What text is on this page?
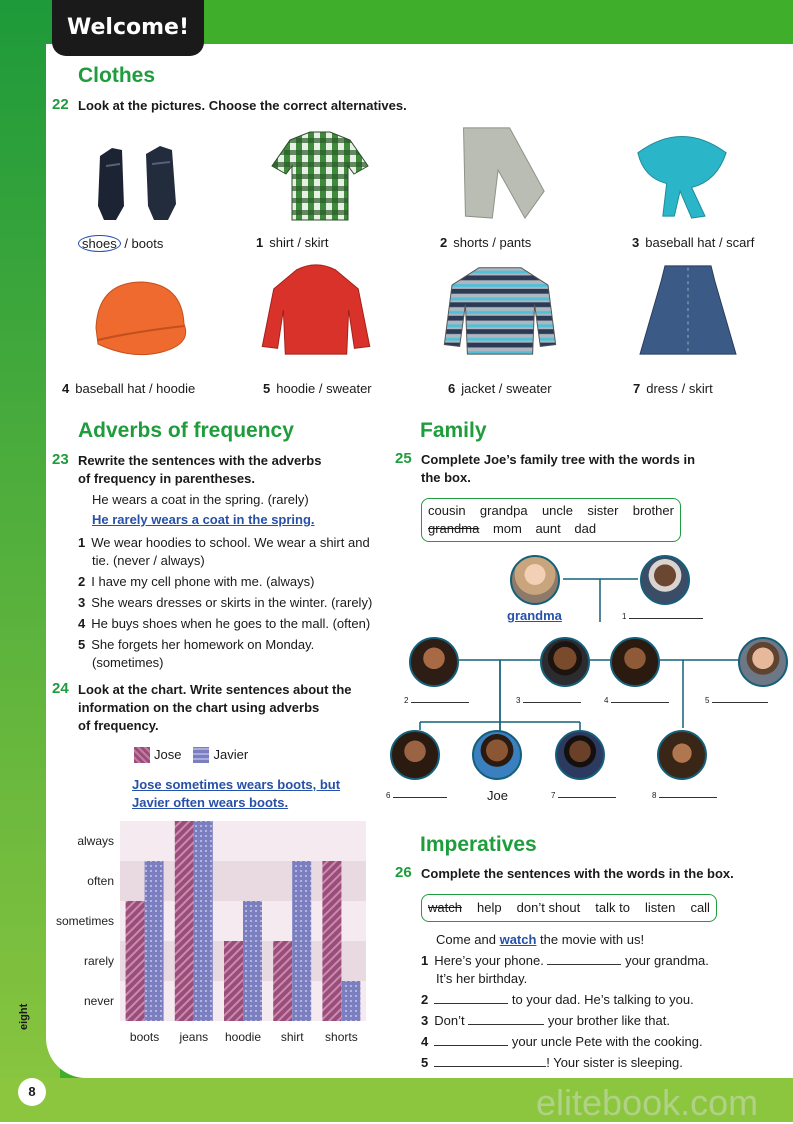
Welcome!
Clothes
22 Look at the pictures. Choose the correct alternatives.
shoes / boots	1 shirt / skirt	2 shorts / pants	3 baseball hat / scarf
4 baseball hat / hoodie	5 hoodie / sweater	6 jacket / sweater	7 dress / skirt
Adverbs of frequency
23 Rewrite the sentences with the adverbs
of frequency in parentheses.
He wears a coat in the spring. (rarely)
He rarely wears a coat in the spring.
1 We wear hoodies to school. We wear a shirt and
tie. (never / always)
2 I have my cell phone with me. (always)
3 She wears dresses or skirts in the winter. (rarely)
4 He buys shoes when he goes to the mall. (often)
5 She forgets her homework on Monday.
(sometimes)
24 Look at the chart. Write sentences about the
information on the chart using adverbs
of frequency.
Jose Javier
Jose sometimes wears boots, but
Javier often wears boots.
never
rarely
sometimes
often
always
boots jeans hoodie shirt shorts
Family
25 Complete Joe’s family tree with the words in
the box.
cousin grandpa uncle sister brother
grandma mom aunt dad
grandma	1
2	3	4	5
6	Joe	7	8
Imperatives
26 Complete the sentences with the words in the box.
watch help don’t shout talk to listen call
Come and watch the movie with us!
1 Here’s your phone.	your grandma.
It’s her birthday.
2	to your dad. He’s talking to you.
3 Don’t	your brother like that.
4	your uncle Pete with the cooking.
5	! Your sister is sleeping.
eight
8	elitebook.com
